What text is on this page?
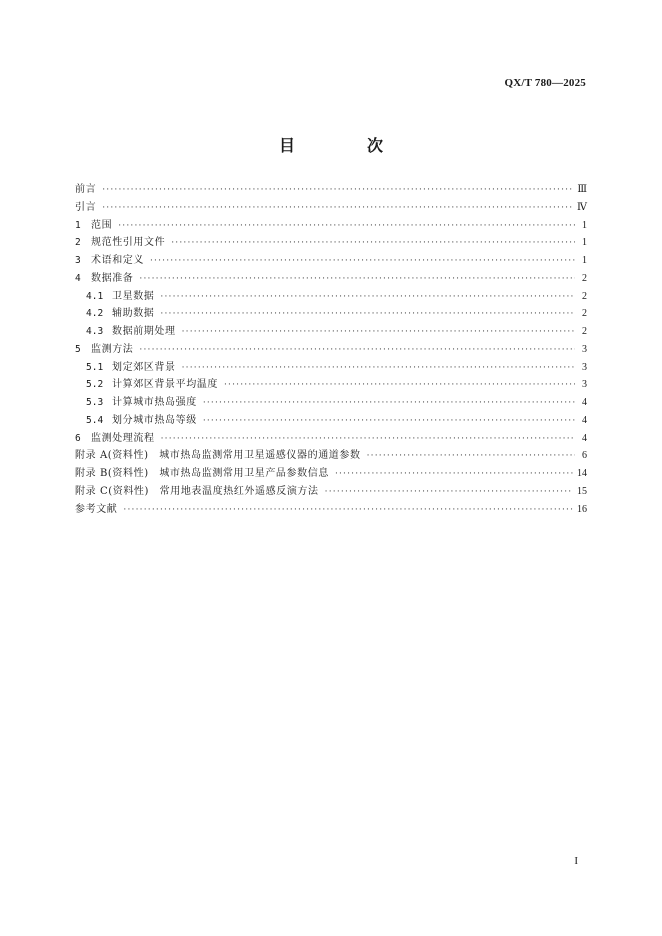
QX/T 780—2025
目　次
前言 ·····	Ⅲ
引言 ·····	Ⅳ
1	范围 ·····	1
2	规范性引用文件 ·····	1
3	术语和定义 ·····	1
4	数据准备 ·····	2
4.1 卫星数据 ·····	2
4.2 辅助数据 ·····	2
4.3 数据前期处理 ·····	2
5	监测方法 ·····	3
5.1 划定郊区背景 ·····	3
5.2 计算郊区背景平均温度 ·····	3
5.3 计算城市热岛强度 ·····	4
5.4 划分城市热岛等级 ·····	4
6	监测处理流程 ·····	4
附录 A(资料性)　城市热岛监测常用卫星遥感仪器的通道参数 ·····	6
附录 B(资料性)　城市热岛监测常用卫星产品参数信息 ·····	14
附录 C(资料性)　常用地表温度热红外遥感反演方法 ·····	15
参考文献 ·····	16
I
